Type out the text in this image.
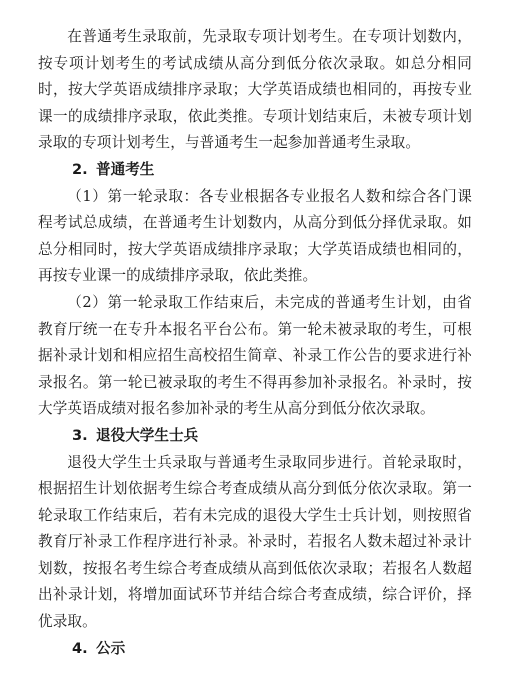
在普通考生录取前，先录取专项计划考生。在专项计划数内，按专项计划考生的考试成绩从高分到低分依次录取。如总分相同时，按大学英语成绩排序录取；大学英语成绩也相同的，再按专业课一的成绩排序录取，依此类推。专项计划结束后，未被专项计划录取的专项计划考生，与普通考生一起参加普通考生录取。

2. 普通考生

（1）第一轮录取：各专业根据各专业报名人数和综合各门课程考试总成绩，在普通考生计划数内，从高分到低分择优录取。如总分相同时，按大学英语成绩排序录取；大学英语成绩也相同的，再按专业课一的成绩排序录取，依此类推。

（2）第一轮录取工作结束后，未完成的普通考生计划，由省教育厅统一在专升本报名平台公布。第一轮未被录取的考生，可根据补录计划和相应招生高校招生简章、补录工作公告的要求进行补录报名。第一轮已被录取的考生不得再参加补录报名。补录时，按大学英语成绩对报名参加补录的考生从高分到低分依次录取。

3. 退役大学生士兵

退役大学生士兵录取与普通考生录取同步进行。首轮录取时，根据招生计划依据考生综合考查成绩从高分到低分依次录取。第一轮录取工作结束后，若有未完成的退役大学生士兵计划，则按照省教育厅补录工作程序进行补录。补录时，若报名人数未超过补录计划数，按报名考生综合考查成绩从高到低依次录取；若报名人数超出补录计划，将增加面试环节并结合综合考查成绩，综合评价，择优录取。

4. 公示
